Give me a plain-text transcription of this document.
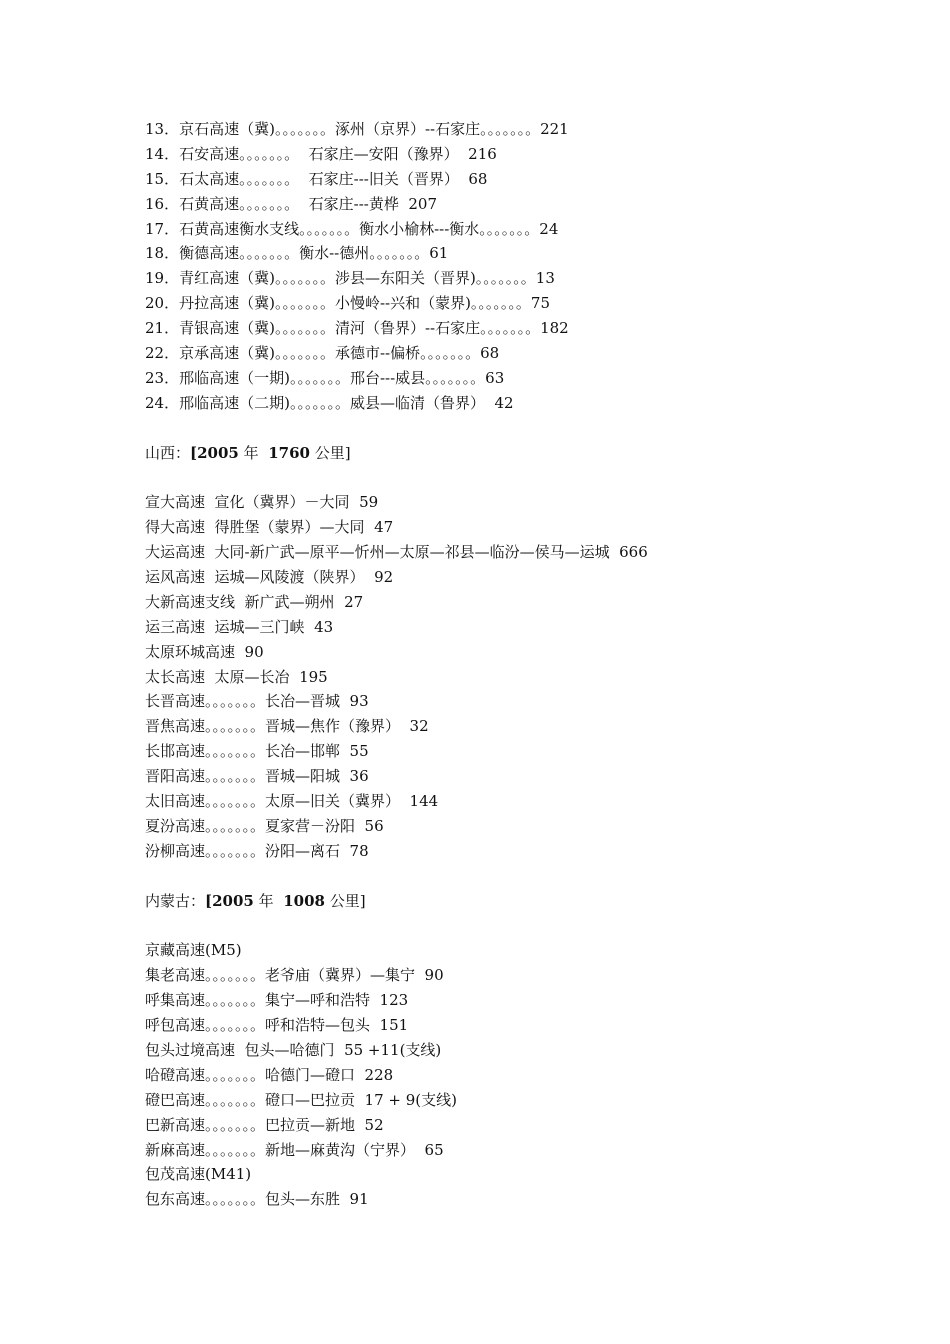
13．京石高速（冀)。。。。。。。涿州（京界）--石家庄。。。。。。。221
14．石安高速。。。。。。。  石家庄—安阳（豫界）  216
15．石太高速。。。。。。。  石家庄---旧关（晋界）  68
16．石黄高速。。。。。。。  石家庄---黄桦  207
17．石黄高速衡水支线。。。。。。。衡水小榆林---衡水。。。。。。。24
18．衡德高速。。。。。。。衡水--德州。。。。。。。61
19．青红高速（冀)。。。。。。。涉县—东阳关（晋界)。。。。。。。13
20．丹拉高速（冀)。。。。。。。小慢岭--兴和（蒙界)。。。。。。。75
21．青银高速（冀)。。。。。。。清河（鲁界）--石家庄。。。。。。。182
22．京承高速（冀)。。。。。。。承德市--偏桥。。。。。。。68
23．邢临高速（一期)。。。。。。。邢台---威县。。。。。。。63
24．邢临高速（二期)。。。。。。。威县—临清（鲁界）  42
山西：[2005 年 1760 公里]
宣大高速  宣化（冀界）－大同  59
得大高速  得胜堡（蒙界）—大同  47
大运高速  大同-新广武—原平—忻州—太原—祁县—临汾—侯马—运城  666
运风高速  运城—风陵渡（陕界）  92
大新高速支线  新广武—朔州  27
运三高速  运城—三门峡  43
太原环城高速  90
太长高速  太原—长冶  195
长晋高速。。。。。。。长冶—晋城  93
晋焦高速。。。。。。。晋城—焦作（豫界）  32
长邯高速。。。。。。。长冶—邯郸  55
晋阳高速。。。。。。。晋城—阳城  36
太旧高速。。。。。。。太原—旧关（冀界）  144
夏汾高速。。。。。。。夏家营－汾阳  56
汾柳高速。。。。。。。汾阳—离石  78
内蒙古：[2005 年 1008 公里]
京藏高速(M5)
集老高速。。。。。。。老爷庙（冀界）—集宁  90
呼集高速。。。。。。。集宁—呼和浩特  123
呼包高速。。。。。。。呼和浩特—包头  151
包头过境高速  包头—哈德门  55 +11(支线)
哈磴高速。。。。。。。哈德门—磴口  228
磴巴高速。。。。。。。磴口—巴拉贡  17 + 9(支线)
巴新高速。。。。。。。巴拉贡—新地  52
新麻高速。。。。。。。新地—麻黄沟（宁界）  65
包茂高速(M41)
包东高速。。。。。。。包头—东胜  91
